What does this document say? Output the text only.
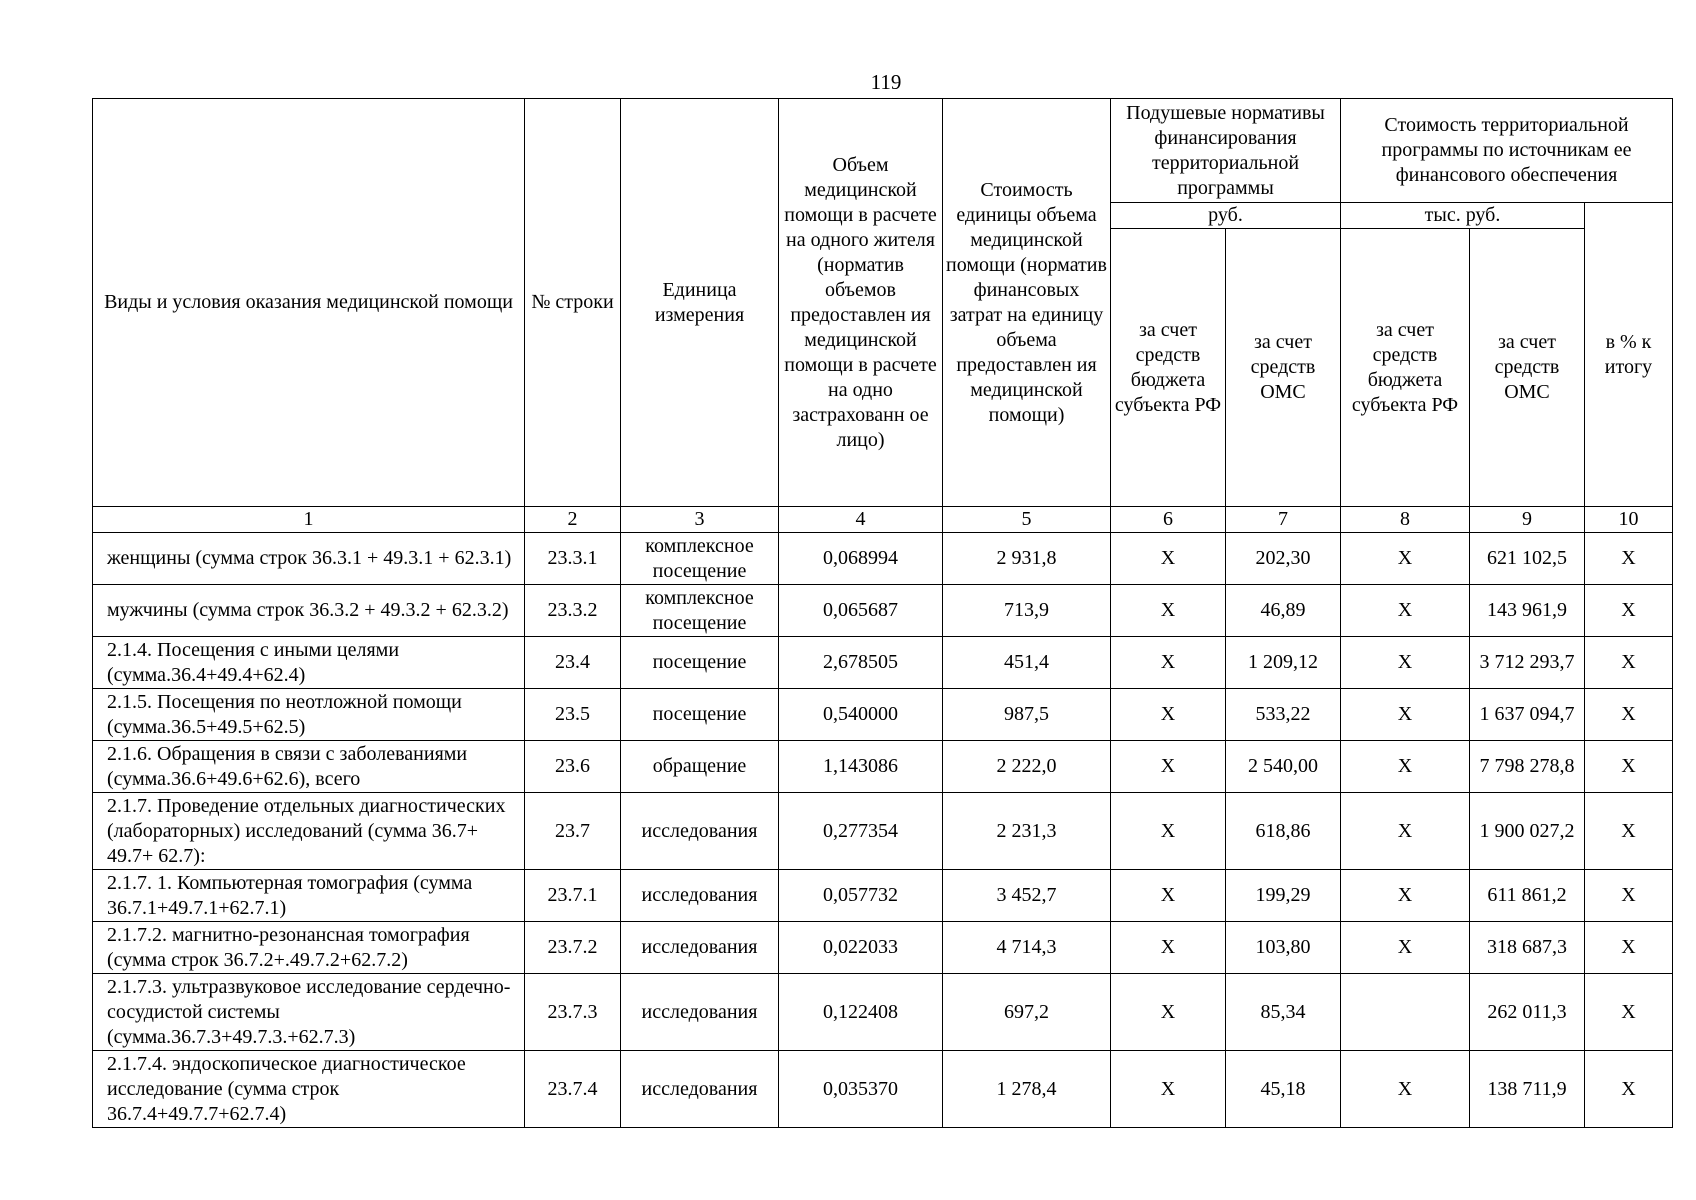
119
Виды и условия оказания медицинской помощи	№ строки	Единица измерения	Объем медицинской помощи в расчете на одного жителя (норматив объемов предоставлен ия медицинской помощи в расчете на одно застрахованн ое лицо)	Стоимость единицы объема медицинской помощи (норматив финансовых затрат на единицу объема предоставлен ия медицинской помощи)	Подушевые нормативы финансирования территориальной программы		Стоимость территориальной программы по источникам ее финансового обеспечения		
					руб.		тыс. руб.		в % к итогу
					за счет средств бюджета субъекта РФ	за счет средств ОМС	за счет средств бюджета субъекта РФ	за счет средств ОМС	
1	2	3	4	5	6	7	8	9	10
женщины (сумма строк 36.3.1 + 49.3.1 + 62.3.1)	23.3.1	комплексное посещение	0,068994	2 931,8	X	202,30	X	621 102,5	X
мужчины (сумма строк 36.3.2 + 49.3.2 + 62.3.2)	23.3.2	комплексное посещение	0,065687	713,9	X	46,89	X	143 961,9	X
2.1.4. Посещения с иными целями (сумма.36.4+49.4+62.4)	23.4	посещение	2,678505	451,4	X	1 209,12	X	3 712 293,7	X
2.1.5. Посещения по неотложной помощи (сумма.36.5+49.5+62.5)	23.5	посещение	0,540000	987,5	X	533,22	X	1 637 094,7	X
2.1.6. Обращения в связи с заболеваниями (сумма.36.6+49.6+62.6), всего	23.6	обращение	1,143086	2 222,0	X	2 540,00	X	7 798 278,8	X
2.1.7. Проведение отдельных диагностических (лабораторных) исследований (сумма 36.7+ 49.7+ 62.7):	23.7	исследования	0,277354	2 231,3	X	618,86	X	1 900 027,2	X
2.1.7. 1. Компьютерная томография (сумма 36.7.1+49.7.1+62.7.1)	23.7.1	исследования	0,057732	3 452,7	X	199,29	X	611 861,2	X
2.1.7.2. магнитно-резонансная томография (сумма строк 36.7.2+.49.7.2+62.7.2)	23.7.2	исследования	0,022033	4 714,3	X	103,80	X	318 687,3	X
2.1.7.3. ультразвуковое исследование сердечно-сосудистой системы (сумма.36.7.3+49.7.3.+62.7.3)	23.7.3	исследования	0,122408	697,2	X	85,34		262 011,3	X
2.1.7.4. эндоскопическое диагностическое исследование (сумма строк 36.7.4+49.7.7+62.7.4)	23.7.4	исследования	0,035370	1 278,4	X	45,18	X	138 711,9	X
